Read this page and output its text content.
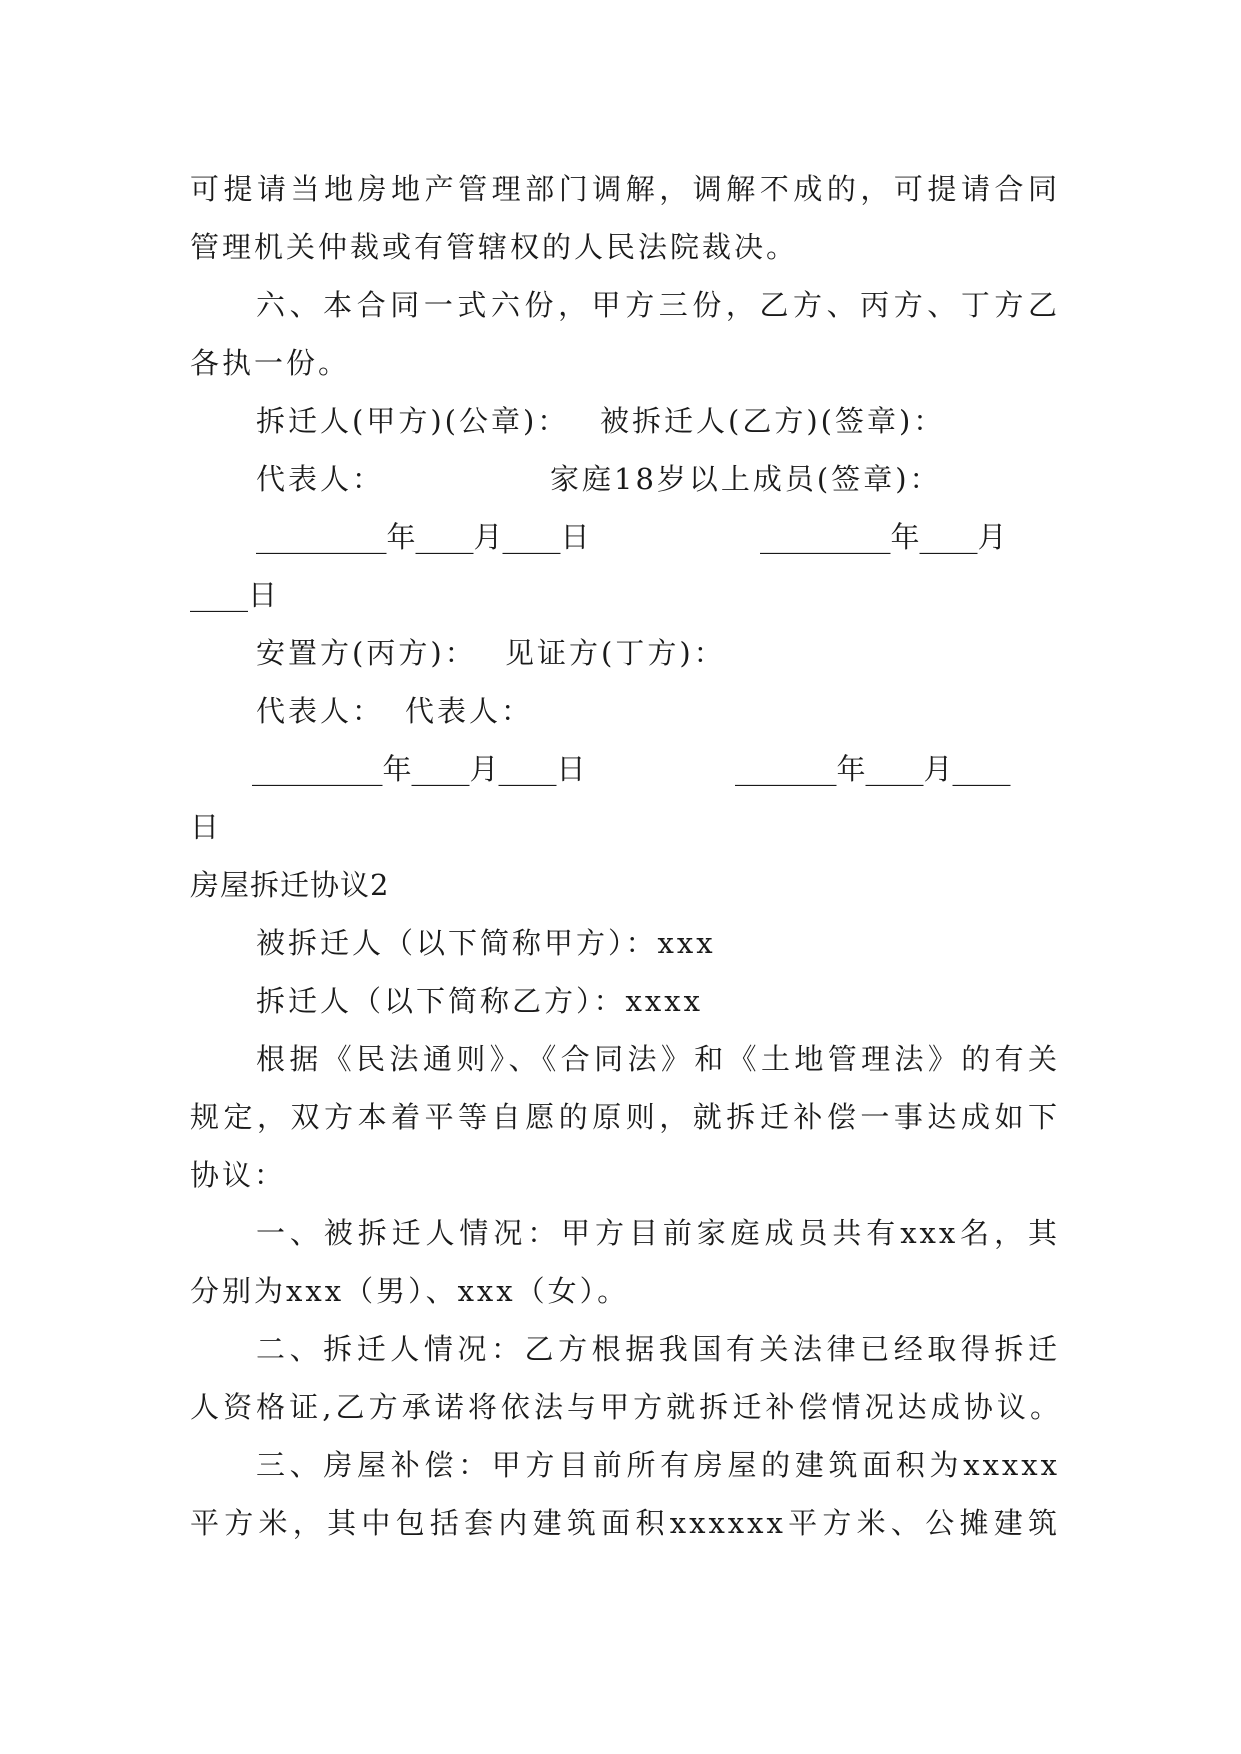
可提请当地房地产管理部门调解，调解不成的，可提请合同
管理机关仲裁或有管辖权的人民法院裁决。
六、本合同一式六份，甲方三份，乙方、丙方、丁方乙
各执一份。
拆迁人(甲方)(公章)： 被拆迁人(乙方)(签章)：
代表人：	家庭18岁以上成员(签章)：
_________年____月____日	_________年____月
____日
安置方(丙方)： 见证方(丁方)：
代表人： 代表人：
_________年____月____日	_______年____月____
日
房屋拆迁协议2
被拆迁人（以下简称甲方）：xxx
拆迁人（以下简称乙方）：xxxx
根据《民法通则》、《合同法》和《土地管理法》的有关
规定，双方本着平等自愿的原则，就拆迁补偿一事达成如下
协议：
一、被拆迁人情况：甲方目前家庭成员共有xxx名，其
分别为xxx（男）、xxx（女）。
二、拆迁人情况：乙方根据我国有关法律已经取得拆迁
人资格证,乙方承诺将依法与甲方就拆迁补偿情况达成协议。
三、房屋补偿：甲方目前所有房屋的建筑面积为xxxxx
平方米，其中包括套内建筑面积xxxxxx平方米、公摊建筑
